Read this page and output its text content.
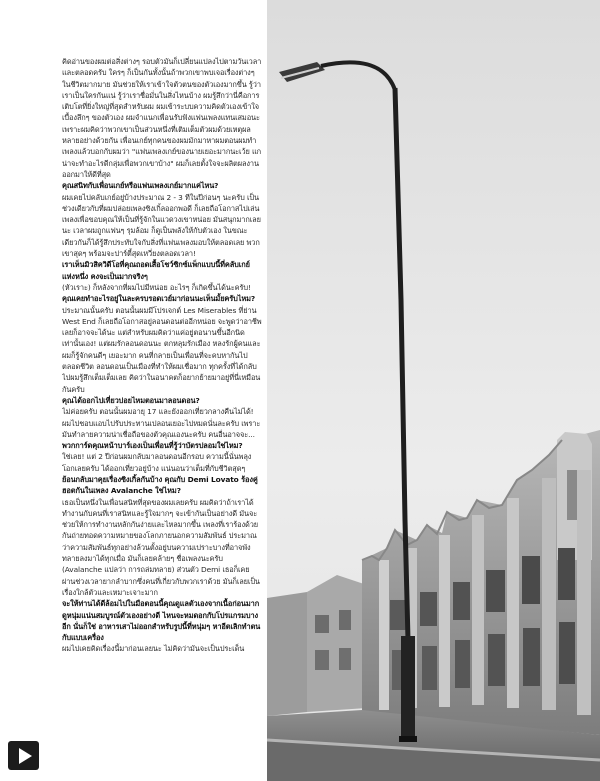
คิดอ่านของผมต่อสิ่งต่างๆ รอบตัวมันก็เปลี่ยนแปลงไปตามวันเวลาและตลอดครับ ใครๆ ก็เป็นกันทั้งนั้นถ้าพวกเขาพบเจอเรื่องต่างๆ ในชีวิตมากมาย มันช่วยให้เราเข้าใจตัวตนของตัวเองมากขึ้น รู้ว่าเราเป็นใครกันแน่ รู้ว่าเราชื่อมั่นในสิ่งไหนบ้าง ผมรู้สึกว่านี่คือการเติบโตที่ยิ่งใหญ่ที่สุดสำหรับผม ผมเข้าระบบความคิดตัวเองเข้าใจเบื้องลึกๆ ของตัวเอง ผมจำแนกเพื่อนรับฟังแฟนเพลงแทนเสมอนะ เพราะผมคิดว่าพวกเขาเป็นส่วนหนึ่งที่เติมเต็มตัวผมด้วยเหตุผลหลายอย่างด้วยกัน เพื่อนเกย์ทุกคนของผมมักมาหาผมตอนผมทำเพลงแล้วบอกกับผมว่า "แฟนเพลงเกย์ของนายเยอะมากนะเว้ย แกน่าจะทำอะไรดีกลุ่มเพื่อพวกเขาบ้าง" ผมก็เลยตั้งใจจะผลิตผลงานออกมาให้ดีที่สุด

คุณสนิทกับเพื่อนเกย์หรือแฟนเพลงเกย์มากแค่ไหน?

ผมเคยไปคลับเกย์อยู่บ้างประมาณ 2 - 3 ทีในปีก่อนๆ นะครับ เป็นช่วงเดียวกับที่ผมปล่อยเพลงซิงเกิ้ลออกพอดี ก็เลยถือโอกาสไปเล่นเพลงเพื่อขอบคุณให้เป็นที่รู้จักในแวดวงเขาหน่อย มันสนุกมากเลยนะ เวลาผมถูกแฟนๆ รุมล้อม ก็ดูเป็นพลังให้กับตัวเอง ในขณะเดียวกันก็ได้รู้สึกประทับใจกับสิ่งที่แฟนเพลงมอบให้ตลอดเลย พวกเขาสุดๆ พร้อมจะปาร์ตี้สุดเหวี่ยงตลอดเวลา!

เราเห็นมิวสิควิดีโอที่คุณถอดเสื้อโชว์ซิกซ์แพ็กแบบนี้ที่คลับเกย์แห่งหนึ่ง คงจะเป็นมากจริงๆ

(หัวเราะ) ก็หลังจากที่ผมไปมีหน่อย อะไรๆ ก็เกิดขึ้นได้นะครับ!

คุณเคยทำอะไรอยู่ในละครบรอดเวย์มาก่อนนะเห็นมั้ยครับไหม?

ประมาณนั้นครับ ตอนนั้นผมมีโปรเจกต์ Les Miserables ที่ย่าน West End ก็เลยถือโอกาสอยู่ลอนดอนต่ออีกหน่อย จะพูดว่าอาชีพเลยก็อาจจะได้นะ แต่สำหรับผมคิดว่าแค่อยู่ตอนานขึ้นอีกนิดเท่านั้นเอง! แต่ผมรักลอนดอนนะ ตกหลุมรักเมือง หลงรักผู้คนและผมก็รู้จักคนดีๆ เยอะมาก คนที่กลายเป็นเพื่อนที่จะคบหากันไปตลอดชีวิต ลอนดอนเป็นเมืองที่ทำให้ผมเชื่อมาก ทุกครั้งที่ได้กลับไปผมรู้สึกเต็มเต็มเลย คิดว่าในอนาคตก็อยากย้ายมาอยู่ที่นี่เหมือนกันครับ

คุณได้ออกไปเที่ยวบ่อยไหมตอนมาลอนดอน?

ไม่ค่อยครับ ตอนนั้นผมอายุ 17 และยังออกเที่ยวกลางคืนไม่ได้! ผมไปชอบแอบไปรับประทานเปลอนเยอะไปหมดนั่นละครับ เพราะมันทำลายความน่าเชื่อถือของตัวคุณเองนะครับ คนอื่นอาจจะ...

พวกการ์ดคุณหน้าบาร์เองเป็นเพื่อนที่รู้ว่าบัตรปลอมใช่ไหม?

ใช่เลย! แต่ 2 ปีก่อนผมกลับมาลอนดอนอีกรอบ ความนี้นั่นพลุงโอกเลยครับ ได้ออกเที่ยวอยู่บ้าง แน่นอนว่าเต็มที่กับชีวิตสุดๆ

ย้อนกลับมาคุยเรื่องซิงเกิ้ลกันบ้าง คุณกับ Demi Lovato ร้องคู่ฮอตกันในเพลง Avalanche ใช่ไหม?

เธอเป็นหนึ่งในเพื่อนสนิทที่สุดของผมเลยครับ ผมคิดว่าถ้าเราได้ทำงานกับคนที่เราสนิทและรู้ใจมากๆ จะเข้ากันเป็นอย่างดี มันจะช่วยให้การทำงานหลักกันง่ายและไหลมากขึ้น เพลงที่เราร้องด้วยกันถ่ายทอดความหมายของโลกภายนอกความสัมพันธ์ ประมาณว่าความสัมพันธ์ทุกอย่างล้วนตั้งอยู่บนความเปราะบางที่อาจพังทลายลงมาได้ทุกเมื่อ มันก็เลยคล้ายๆ ชื่อเพลงนะครับ (Avalanche แปลว่า การถล่มทลาย) ส่วนตัว Demi เธอก็เคยผ่านช่วงเวลายากลำบากซึ่งคนที่เกี่ยวกับพวกเราด้วย มันก็เลยเป็นเรื่องใกล้ตัวและเหมาะเจาะมาก

จะให้ท่านได้ดีล้อมไปในมือตอนนี้คุณดูแลตัวเองจากเนื้อก่อนมาก ดูหนุ่มแน่นสมบูรณ์ตัวเองอย่างดี ไหนจะหมดอกกับโปรแกรมบาง อีก นั่นก็ใช่ อาหารเสาไม่ออกสำหรับรูปนี้ที่หนุ่มๆ หาอีตเลิกทำตนกับแบบเครื่อง

ผมไปเคยคิดเรื่องนี้มาก่อนเลยนะ ไม่คิดว่ามันจะเป็นประเด็น
